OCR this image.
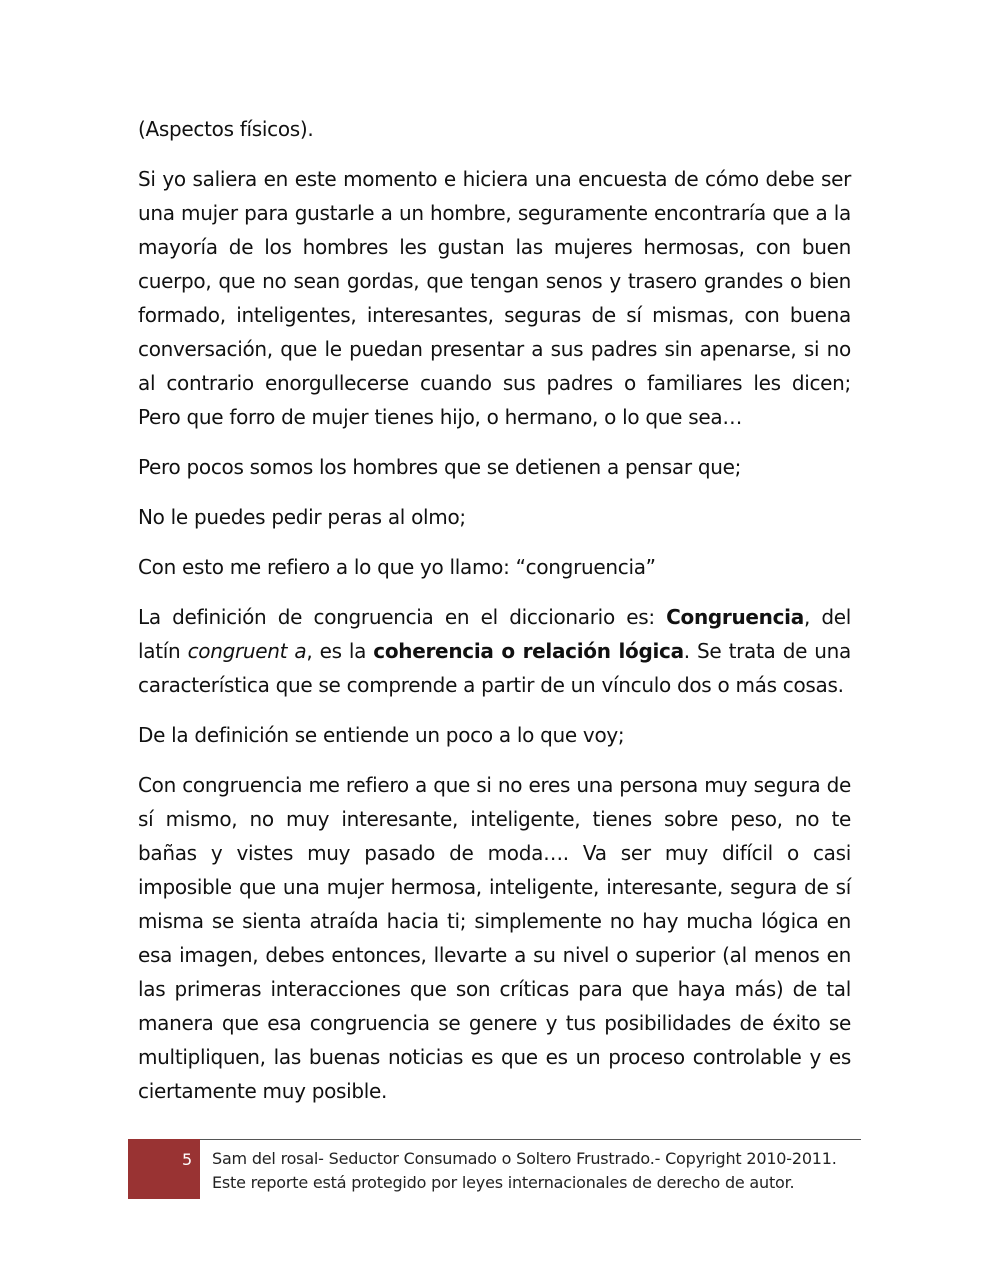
(Aspectos físicos).

Si yo saliera en este momento e hiciera una encuesta de cómo debe ser una mujer para gustarle a un hombre, seguramente encontraría que a la mayoría de los hombres les gustan las mujeres hermosas, con buen cuerpo, que no sean gordas, que tengan senos y trasero grandes o bien formado, inteligentes, interesantes, seguras de sí mismas, con buena conversación, que le puedan presentar a sus padres sin apenarse, si no al contrario enorgullecerse cuando sus padres o familiares les dicen; Pero que forro de mujer tienes hijo, o hermano, o lo que sea…

Pero pocos somos los hombres que se detienen a pensar que;

No le puedes pedir peras al olmo;

Con esto me refiero a lo que yo llamo: “congruencia”

La definición de congruencia en el diccionario es: Congruencia, del latín congruent a, es la coherencia o relación lógica. Se trata de una característica que se comprende a partir de un vínculo dos o más cosas.

De la definición se entiende un poco a lo que voy;

Con congruencia me refiero a que si no eres una persona muy segura de sí mismo, no muy interesante, inteligente, tienes sobre peso, no te bañas y vistes muy pasado de moda…. Va ser muy difícil o casi imposible que una mujer hermosa, inteligente, interesante, segura de sí misma se sienta atraída hacia ti; simplemente no hay mucha lógica en esa imagen, debes entonces, llevarte a su nivel o superior (al menos en las primeras interacciones que son críticas para que haya más) de tal manera que esa congruencia se genere y tus posibilidades de éxito se multipliquen, las buenas noticias es que es un proceso controlable y es ciertamente muy posible.

5 Sam del rosal- Seductor Consumado o Soltero Frustrado.- Copyright 2010-2011.
Este reporte está protegido por leyes internacionales de derecho de autor.
